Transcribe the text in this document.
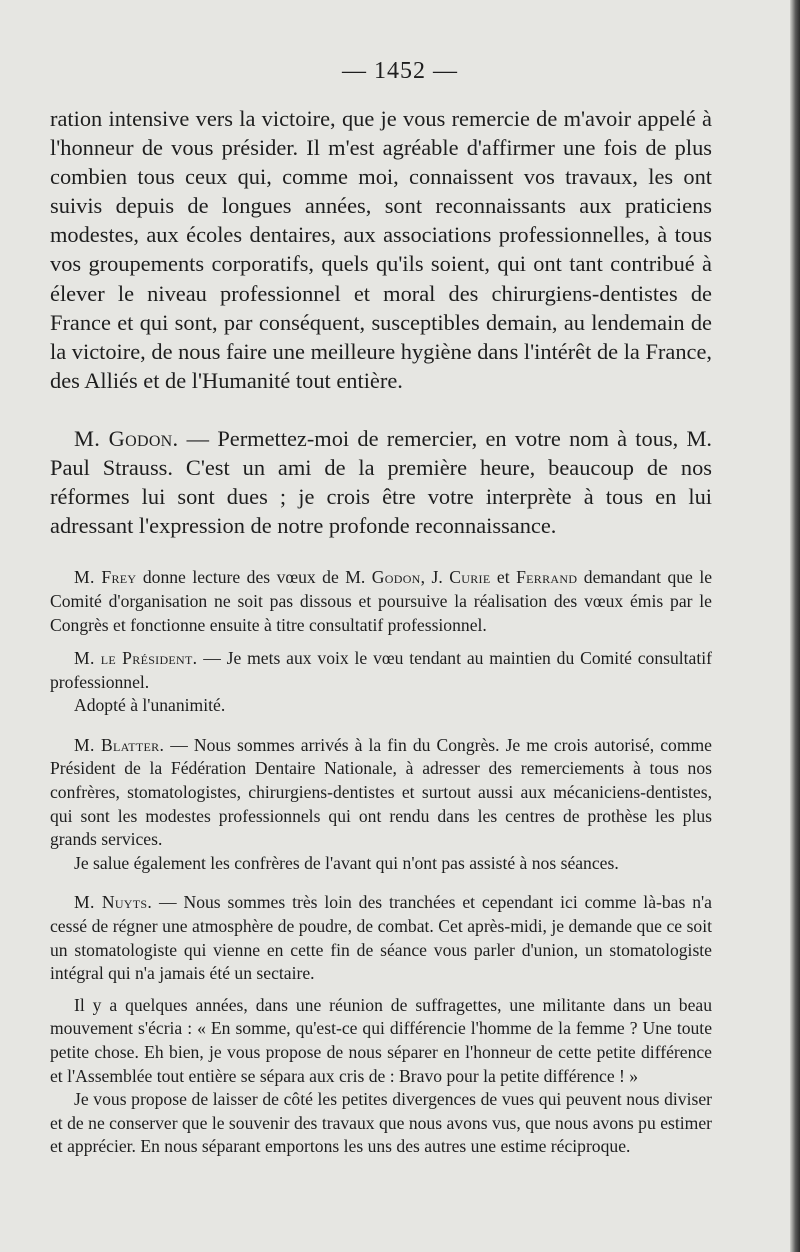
— 1452 —

ration intensive vers la victoire, que je vous remercie de m'avoir appelé à l'honneur de vous présider. Il m'est agréable d'affirmer une fois de plus combien tous ceux qui, comme moi, connaissent vos travaux, les ont suivis depuis de longues années, sont reconnaissants aux praticiens modestes, aux écoles dentaires, aux associations professionnelles, à tous vos groupements corporatifs, quels qu'ils soient, qui ont tant contribué à élever le niveau professionnel et moral des chirurgiens-dentistes de France et qui sont, par conséquent, susceptibles demain, au lendemain de la victoire, de nous faire une meilleure hygiène dans l'intérêt de la France, des Alliés et de l'Humanité tout entière.

M. Godon. — Permettez-moi de remercier, en votre nom à tous, M. Paul Strauss. C'est un ami de la première heure, beaucoup de nos réformes lui sont dues ; je crois être votre interprète à tous en lui adressant l'expression de notre profonde reconnaissance.

M. Frey donne lecture des vœux de M. Godon, J. Curie et Ferrand demandant que le Comité d'organisation ne soit pas dissous et poursuive la réalisation des vœux émis par le Congrès et fonctionne ensuite à titre consultatif professionnel.

M. le Président. — Je mets aux voix le vœu tendant au maintien du Comité consultatif professionnel.

Adopté à l'unanimité.

M. Blatter. — Nous sommes arrivés à la fin du Congrès. Je me crois autorisé, comme Président de la Fédération Dentaire Nationale, à adresser des remerciements à tous nos confrères, stomatologistes, chirurgiens-dentistes et surtout aussi aux mécaniciens-dentistes, qui sont les modestes professionnels qui ont rendu dans les centres de prothèse les plus grands services.

Je salue également les confrères de l'avant qui n'ont pas assisté à nos séances.

M. Nuyts. — Nous sommes très loin des tranchées et cependant ici comme là-bas n'a cessé de régner une atmosphère de poudre, de combat. Cet après-midi, je demande que ce soit un stomatologiste qui vienne en cette fin de séance vous parler d'union, un stomatologiste intégral qui n'a jamais été un sectaire.

Il y a quelques années, dans une réunion de suffragettes, une militante dans un beau mouvement s'écria : « En somme, qu'est-ce qui différencie l'homme de la femme ? Une toute petite chose. Eh bien, je vous propose de nous séparer en l'honneur de cette petite différence et l'Assemblée tout entière se sépara aux cris de : Bravo pour la petite différence ! »

Je vous propose de laisser de côté les petites divergences de vues qui peuvent nous diviser et de ne conserver que le souvenir des travaux que nous avons vus, que nous avons pu estimer et apprécier. En nous séparant emportons les uns des autres une estime réciproque.
